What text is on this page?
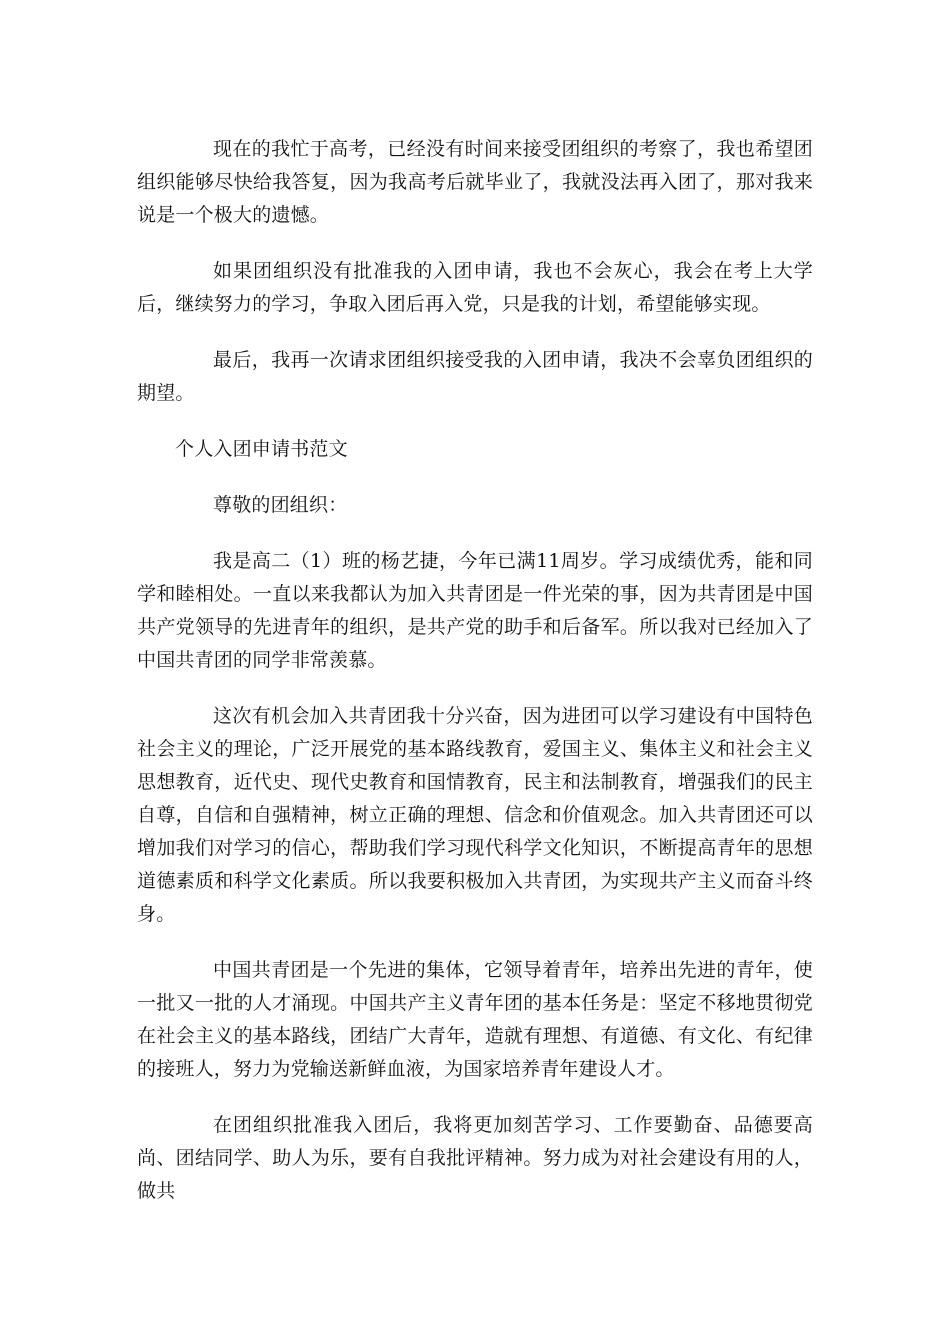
现在的我忙于高考，已经没有时间来接受团组织的考察了，我也希望团组织能够尽快给我答复，因为我高考后就毕业了，我就没法再入团了，那对我来说是一个极大的遗憾。

如果团组织没有批准我的入团申请，我也不会灰心，我会在考上大学后，继续努力的学习，争取入团后再入党，只是我的计划，希望能够实现。

最后，我再一次请求团组织接受我的入团申请，我决不会辜负团组织的期望。

个人入团申请书范文

尊敬的团组织：

我是高二（1）班的杨艺捷，今年已满11周岁。学习成绩优秀，能和同学和睦相处。一直以来我都认为加入共青团是一件光荣的事，因为共青团是中国共产党领导的先进青年的组织，是共产党的助手和后备军。所以我对已经加入了中国共青团的同学非常羡慕。

这次有机会加入共青团我十分兴奋，因为进团可以学习建设有中国特色社会主义的理论，广泛开展党的基本路线教育，爱国主义、集体主义和社会主义思想教育，近代史、现代史教育和国情教育，民主和法制教育，增强我们的民主自尊，自信和自强精神，树立正确的理想、信念和价值观念。加入共青团还可以增加我们对学习的信心，帮助我们学习现代科学文化知识，不断提高青年的思想道德素质和科学文化素质。所以我要积极加入共青团，为实现共产主义而奋斗终身。

中国共青团是一个先进的集体，它领导着青年，培养出先进的青年，使一批又一批的人才涌现。中国共产主义青年团的基本任务是：坚定不移地贯彻党在社会主义的基本路线，团结广大青年，造就有理想、有道德、有文化、有纪律的接班人，努力为党输送新鲜血液，为国家培养青年建设人才。

在团组织批准我入团后，我将更加刻苦学习、工作要勤奋、品德要高尚、团结同学、助人为乐，要有自我批评精神。努力成为对社会建设有用的人，做共
